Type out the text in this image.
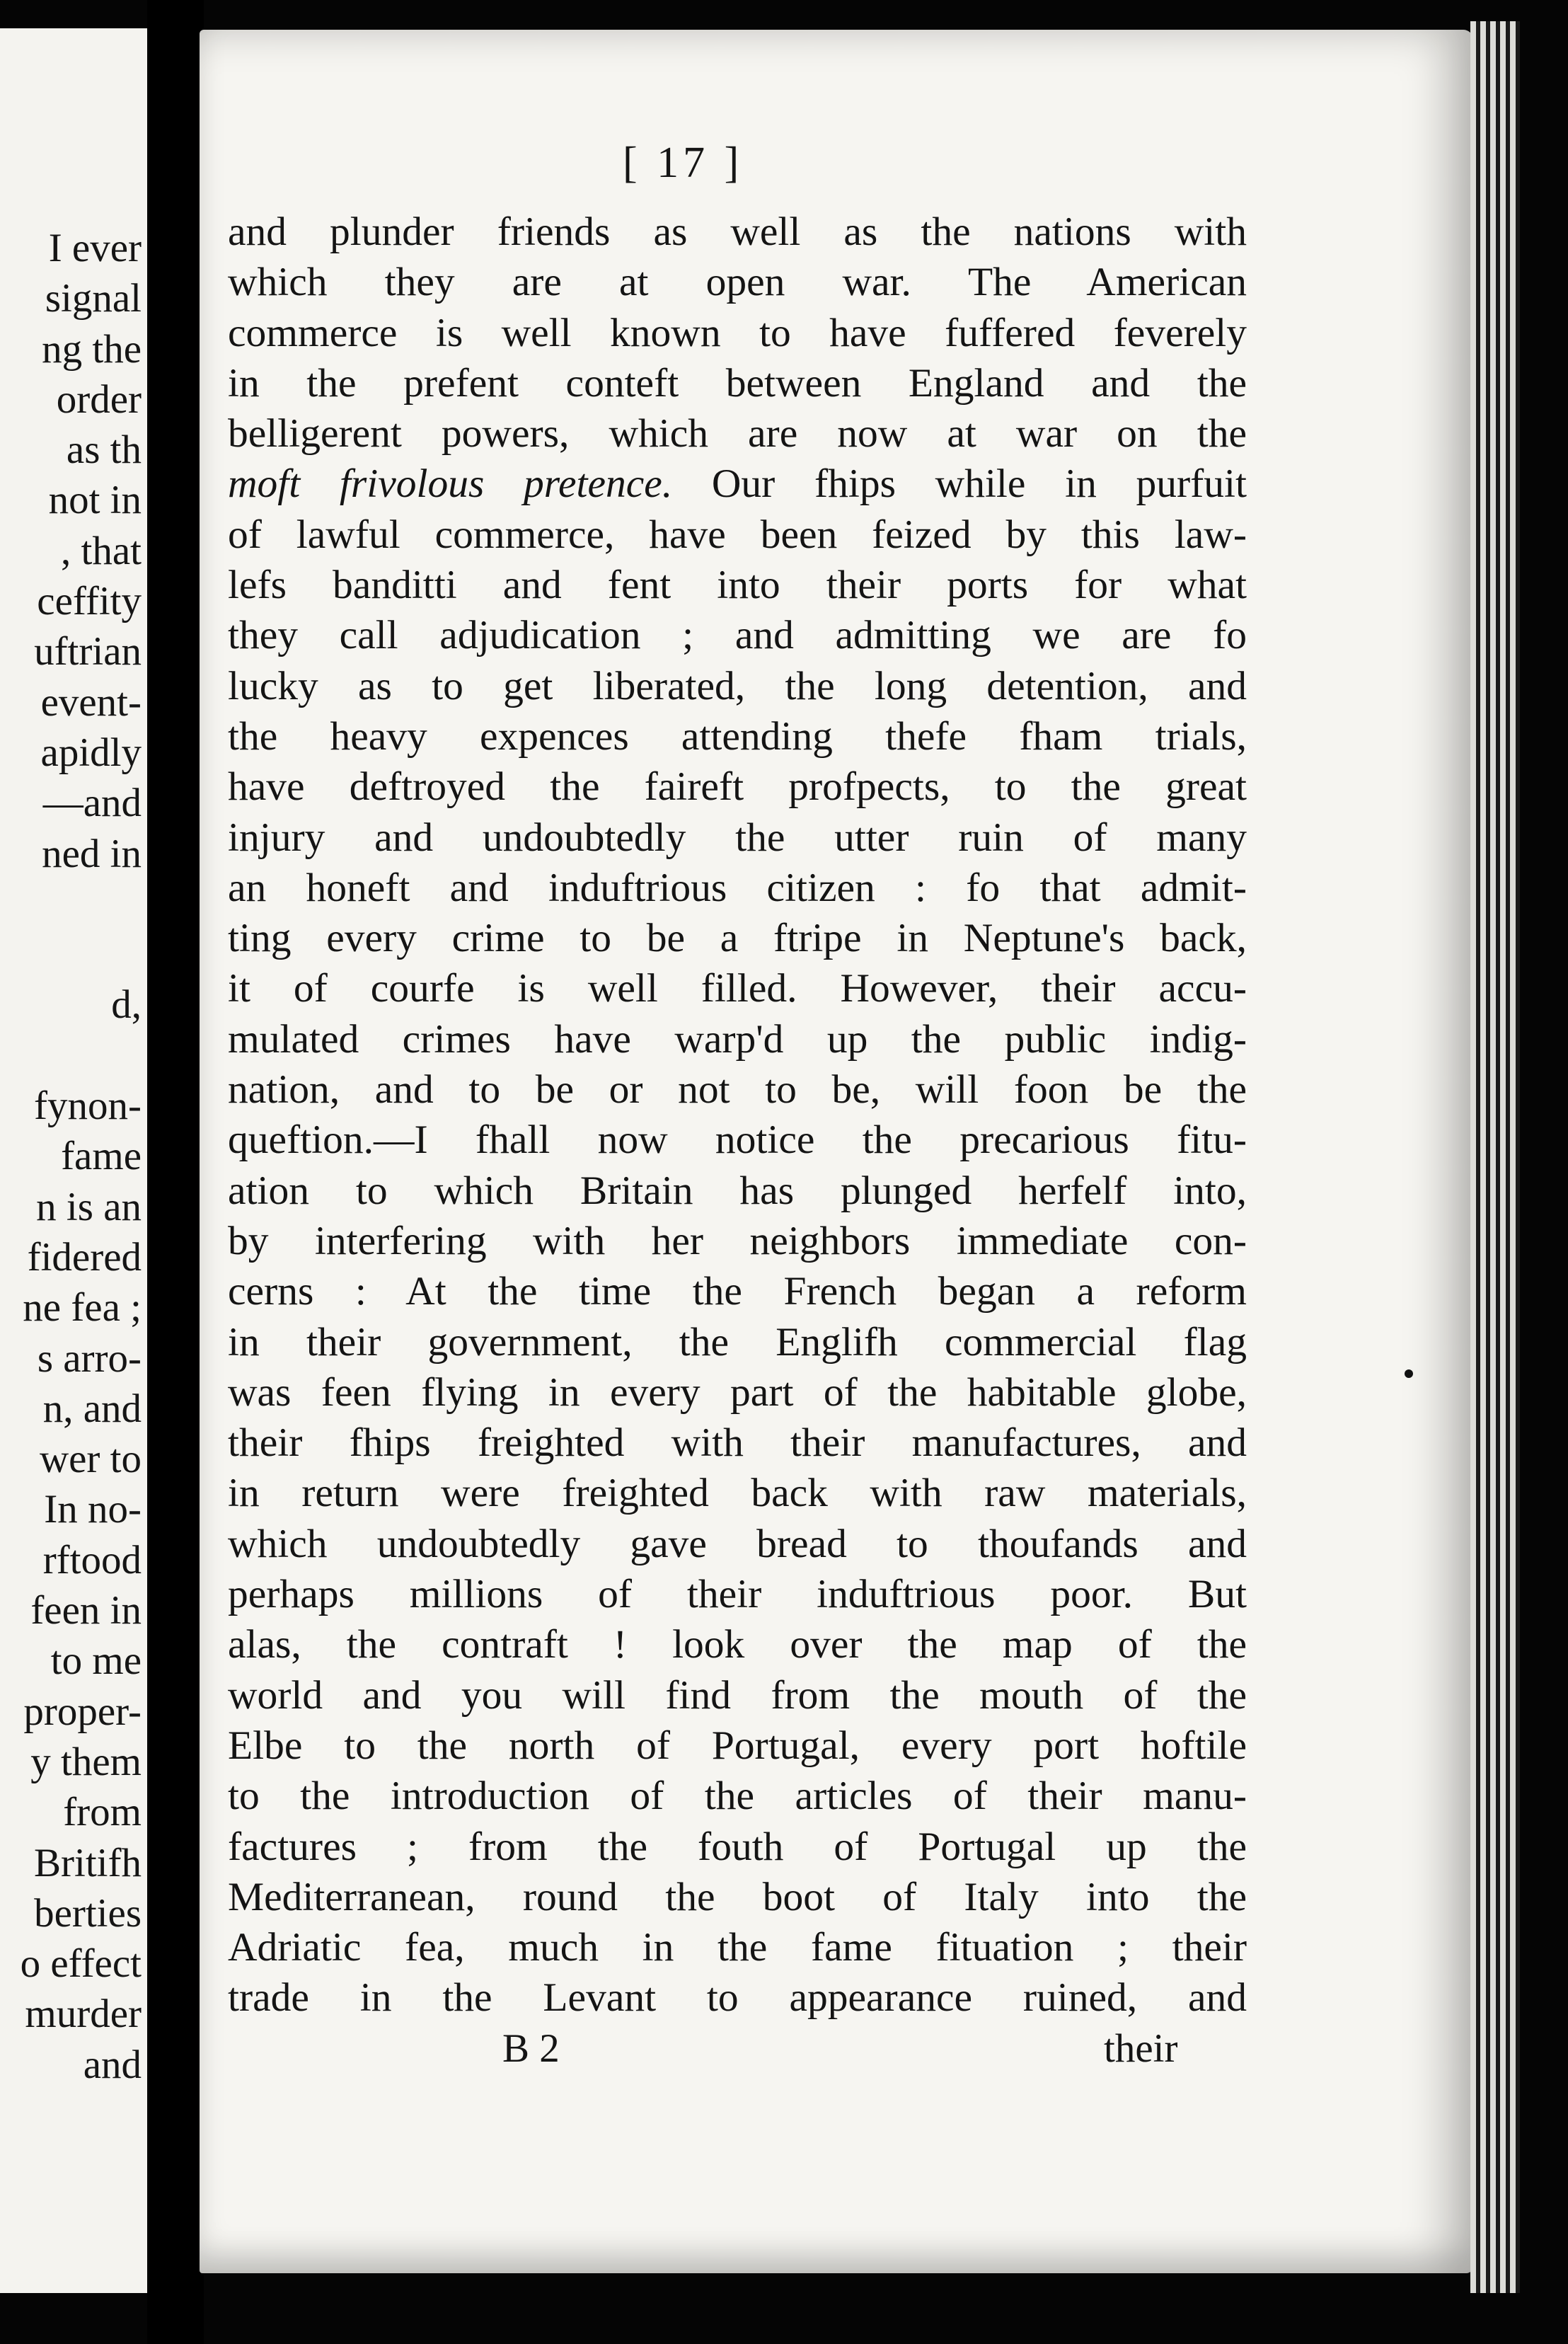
I ever
signal
ng the
order
as th
not in
, that
ceffity
uftrian
event-
apidly
—and
ned in
d,
fynon-
fame
n is an
fidered
ne fea ;
s arro-
n, and
wer to
In no-
rftood
feen in
to me
proper-
y them
from
Britifh
berties
o effect
murder
and
[ 17 ]
and plunder friends as well as the nations with
which they are at open war. The American
commerce is well known to have fuffered feverely
in the prefent conteft between England and the
belligerent powers, which are now at war on the
moft frivolous pretence. Our fhips while in purfuit
of lawful commerce, have been feized by this law-
lefs banditti and fent into their ports for what
they call adjudication ; and admitting we are fo
lucky as to get liberated, the long detention, and
the heavy expences attending thefe fham trials,
have deftroyed the faireft profpects, to the great
injury and undoubtedly the utter ruin of many
an honeft and induftrious citizen : fo that admit-
ting every crime to be a ftripe in Neptune's back,
it of courfe is well filled. However, their accu-
mulated crimes have warp'd up the public indig-
nation, and to be or not to be, will foon be the
queftion.—I fhall now notice the precarious fitu-
ation to which Britain has plunged herfelf into,
by interfering with her neighbors immediate con-
cerns : At the time the French began a reform
in their government, the Englifh commercial flag
was feen flying in every part of the habitable globe,
their fhips freighted with their manufactures, and
in return were freighted back with raw materials,
which undoubtedly gave bread to thoufands and
perhaps millions of their induftrious poor. But
alas, the contraft ! look over the map of the
world and you will find from the mouth of the
Elbe to the north of Portugal, every port hoftile
to the introduction of the articles of their manu-
factures ; from the fouth of Portugal up the
Mediterranean, round the boot of Italy into the
Adriatic fea, much in the fame fituation ; their
trade in the Levant to appearance ruined, and
B 2	their
